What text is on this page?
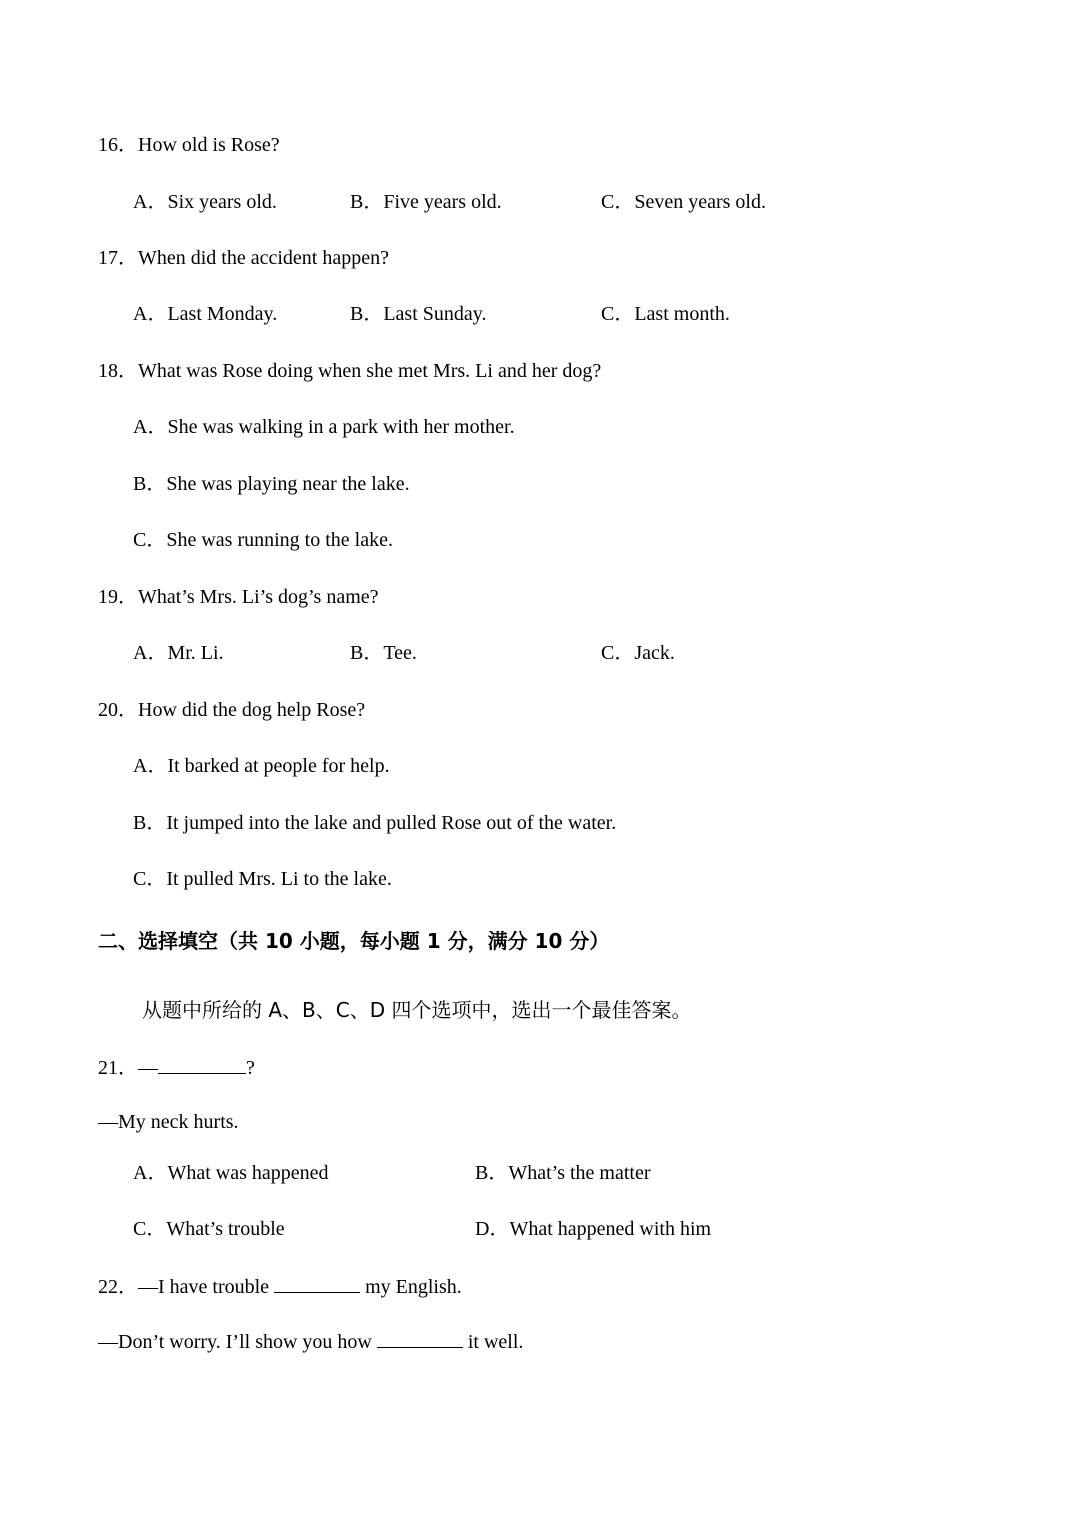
16．How old is Rose?
A．Six years old.	B．Five years old.	C．Seven years old.
17．When did the accident happen?
A．Last Monday.	B．Last Sunday.	C．Last month.
18．What was Rose doing when she met Mrs. Li and her dog?
A．She was walking in a park with her mother.
B．She was playing near the lake.
C．She was running to the lake.
19．What’s Mrs. Li’s dog’s name?
A．Mr. Li.	B．Tee.	C．Jack.
20．How did the dog help Rose?
A．It barked at people for help.
B．It jumped into the lake and pulled Rose out of the water.
C．It pulled Mrs. Li to the lake.
二、选择填空（共 10 小题，每小题 1 分，满分 10 分）
从题中所给的 A、B、C、D 四个选项中，选出一个最佳答案。
21．—	?
—My neck hurts.
A．What was happened	B．What’s the matter
C．What’s trouble	D．What happened with him
22．—I have trouble	my English.
—Don’t worry. I’ll show you how	it well.
